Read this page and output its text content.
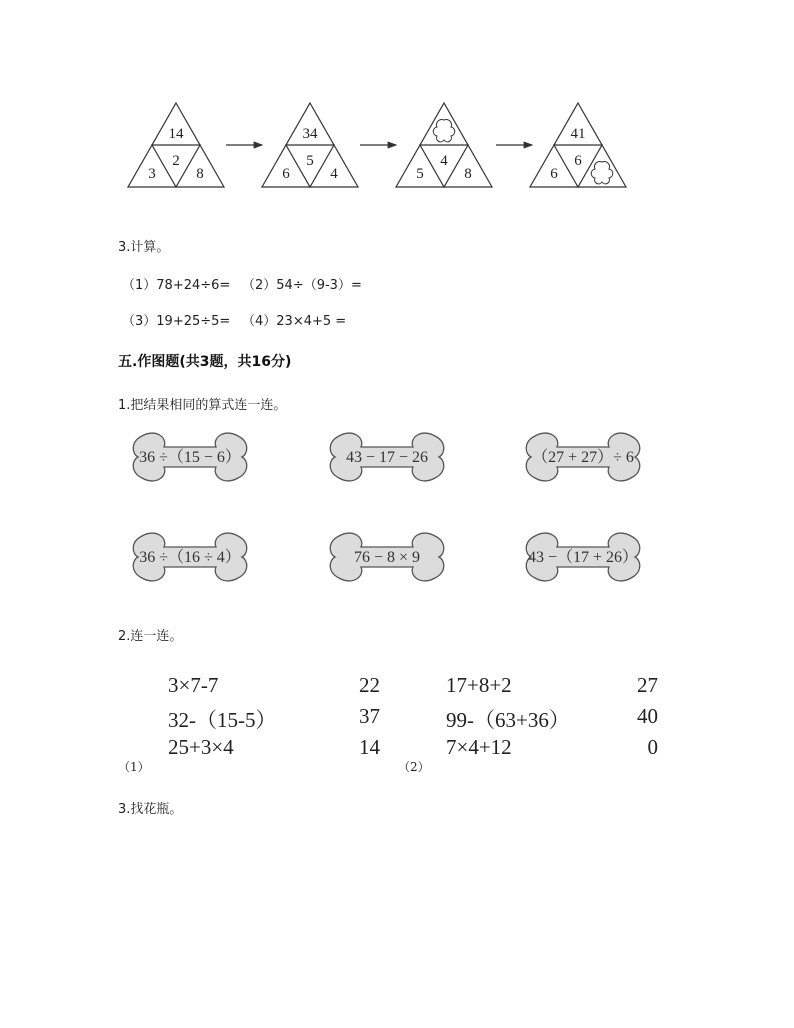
14
3
2
8
34
6
5
4	5
4
8
41
6
6
3.计算。
（1）78+24÷6= （2）54÷（9-3）=
（3）19+25÷5= （4）23×4+5 =
五.作图题(共3题，共16分)
1.把结果相同的算式连一连。
36 ÷（15 − 6）	43 − 17 − 26	（27 + 27）÷ 6
36 ÷（16 ÷ 4）	76 − 8 × 9	43 −（17 + 26）
2.连一连。
3×7-7
32-（15-5）
25+3×4
22
37
14
（1）
17+8+2
99-（63+36）
7×4+12
27
40
0
（2）
3.找花瓶。
